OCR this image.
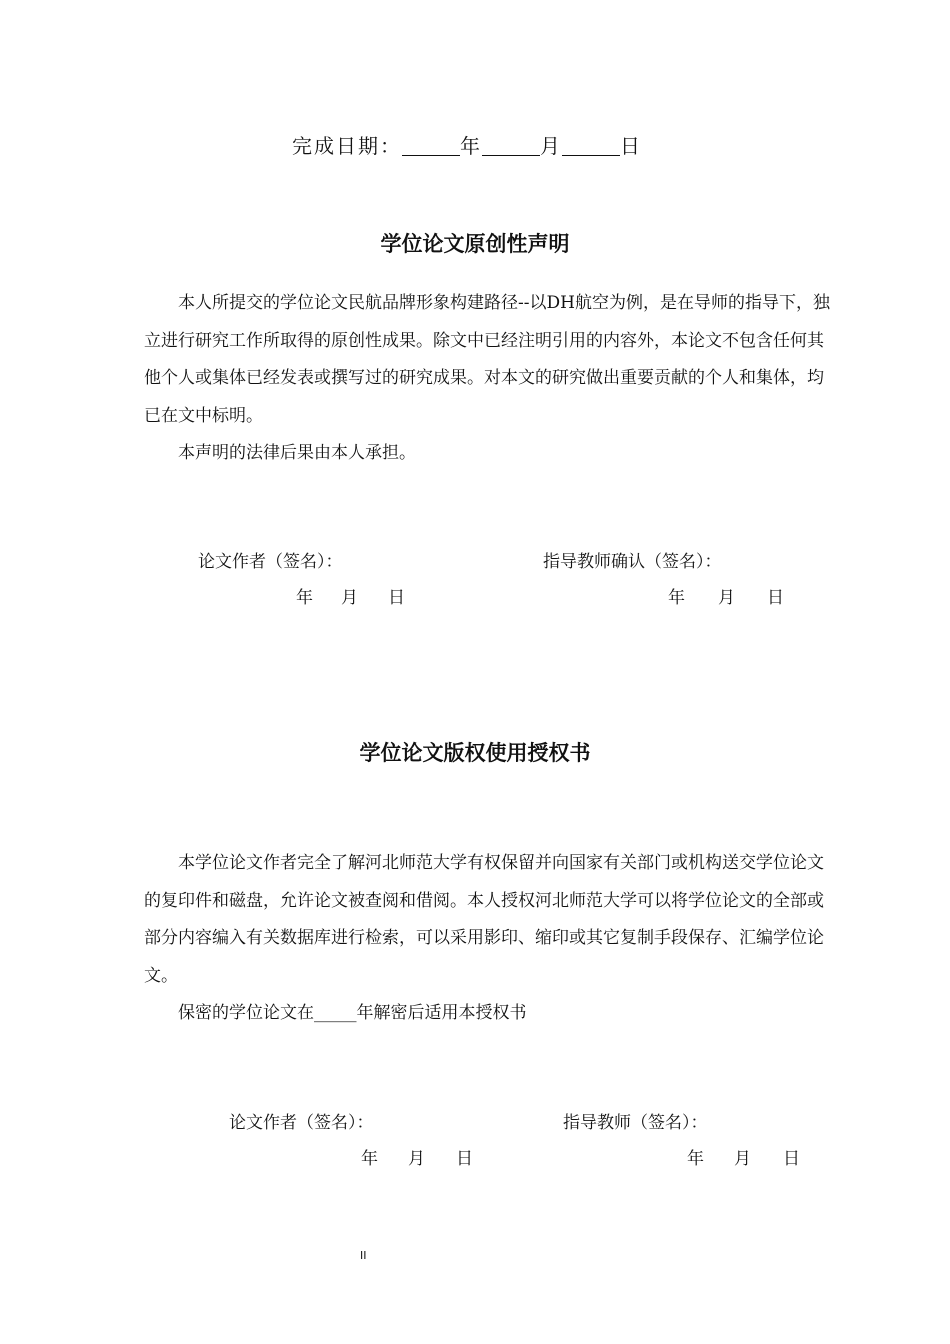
完成日期：	年	月	日
学位论文原创性声明

本人所提交的学位论文民航品牌形象构建路径--以DH航空为例，是在导师的指导下，独立进行研究工作所取得的原创性成果。除文中已经注明引用的内容外，本论文不包含任何其他个人或集体已经发表或撰写过的研究成果。对本文的研究做出重要贡献的个人和集体，均已在文中标明。

本声明的法律后果由本人承担。

论文作者（签名）：	指导教师确认（签名）：
年 月 日	年 月 日
学位论文版权使用授权书

本学位论文作者完全了解河北师范大学有权保留并向国家有关部门或机构送交学位论文的复印件和磁盘，允许论文被查阅和借阅。本人授权河北师范大学可以将学位论文的全部或部分内容编入有关数据库进行检索，可以采用影印、缩印或其它复制手段保存、汇编学位论文。

保密的学位论文在_____年解密后适用本授权书

论文作者（签名）：	指导教师（签名）：
年 月 日	年 月 日
II
